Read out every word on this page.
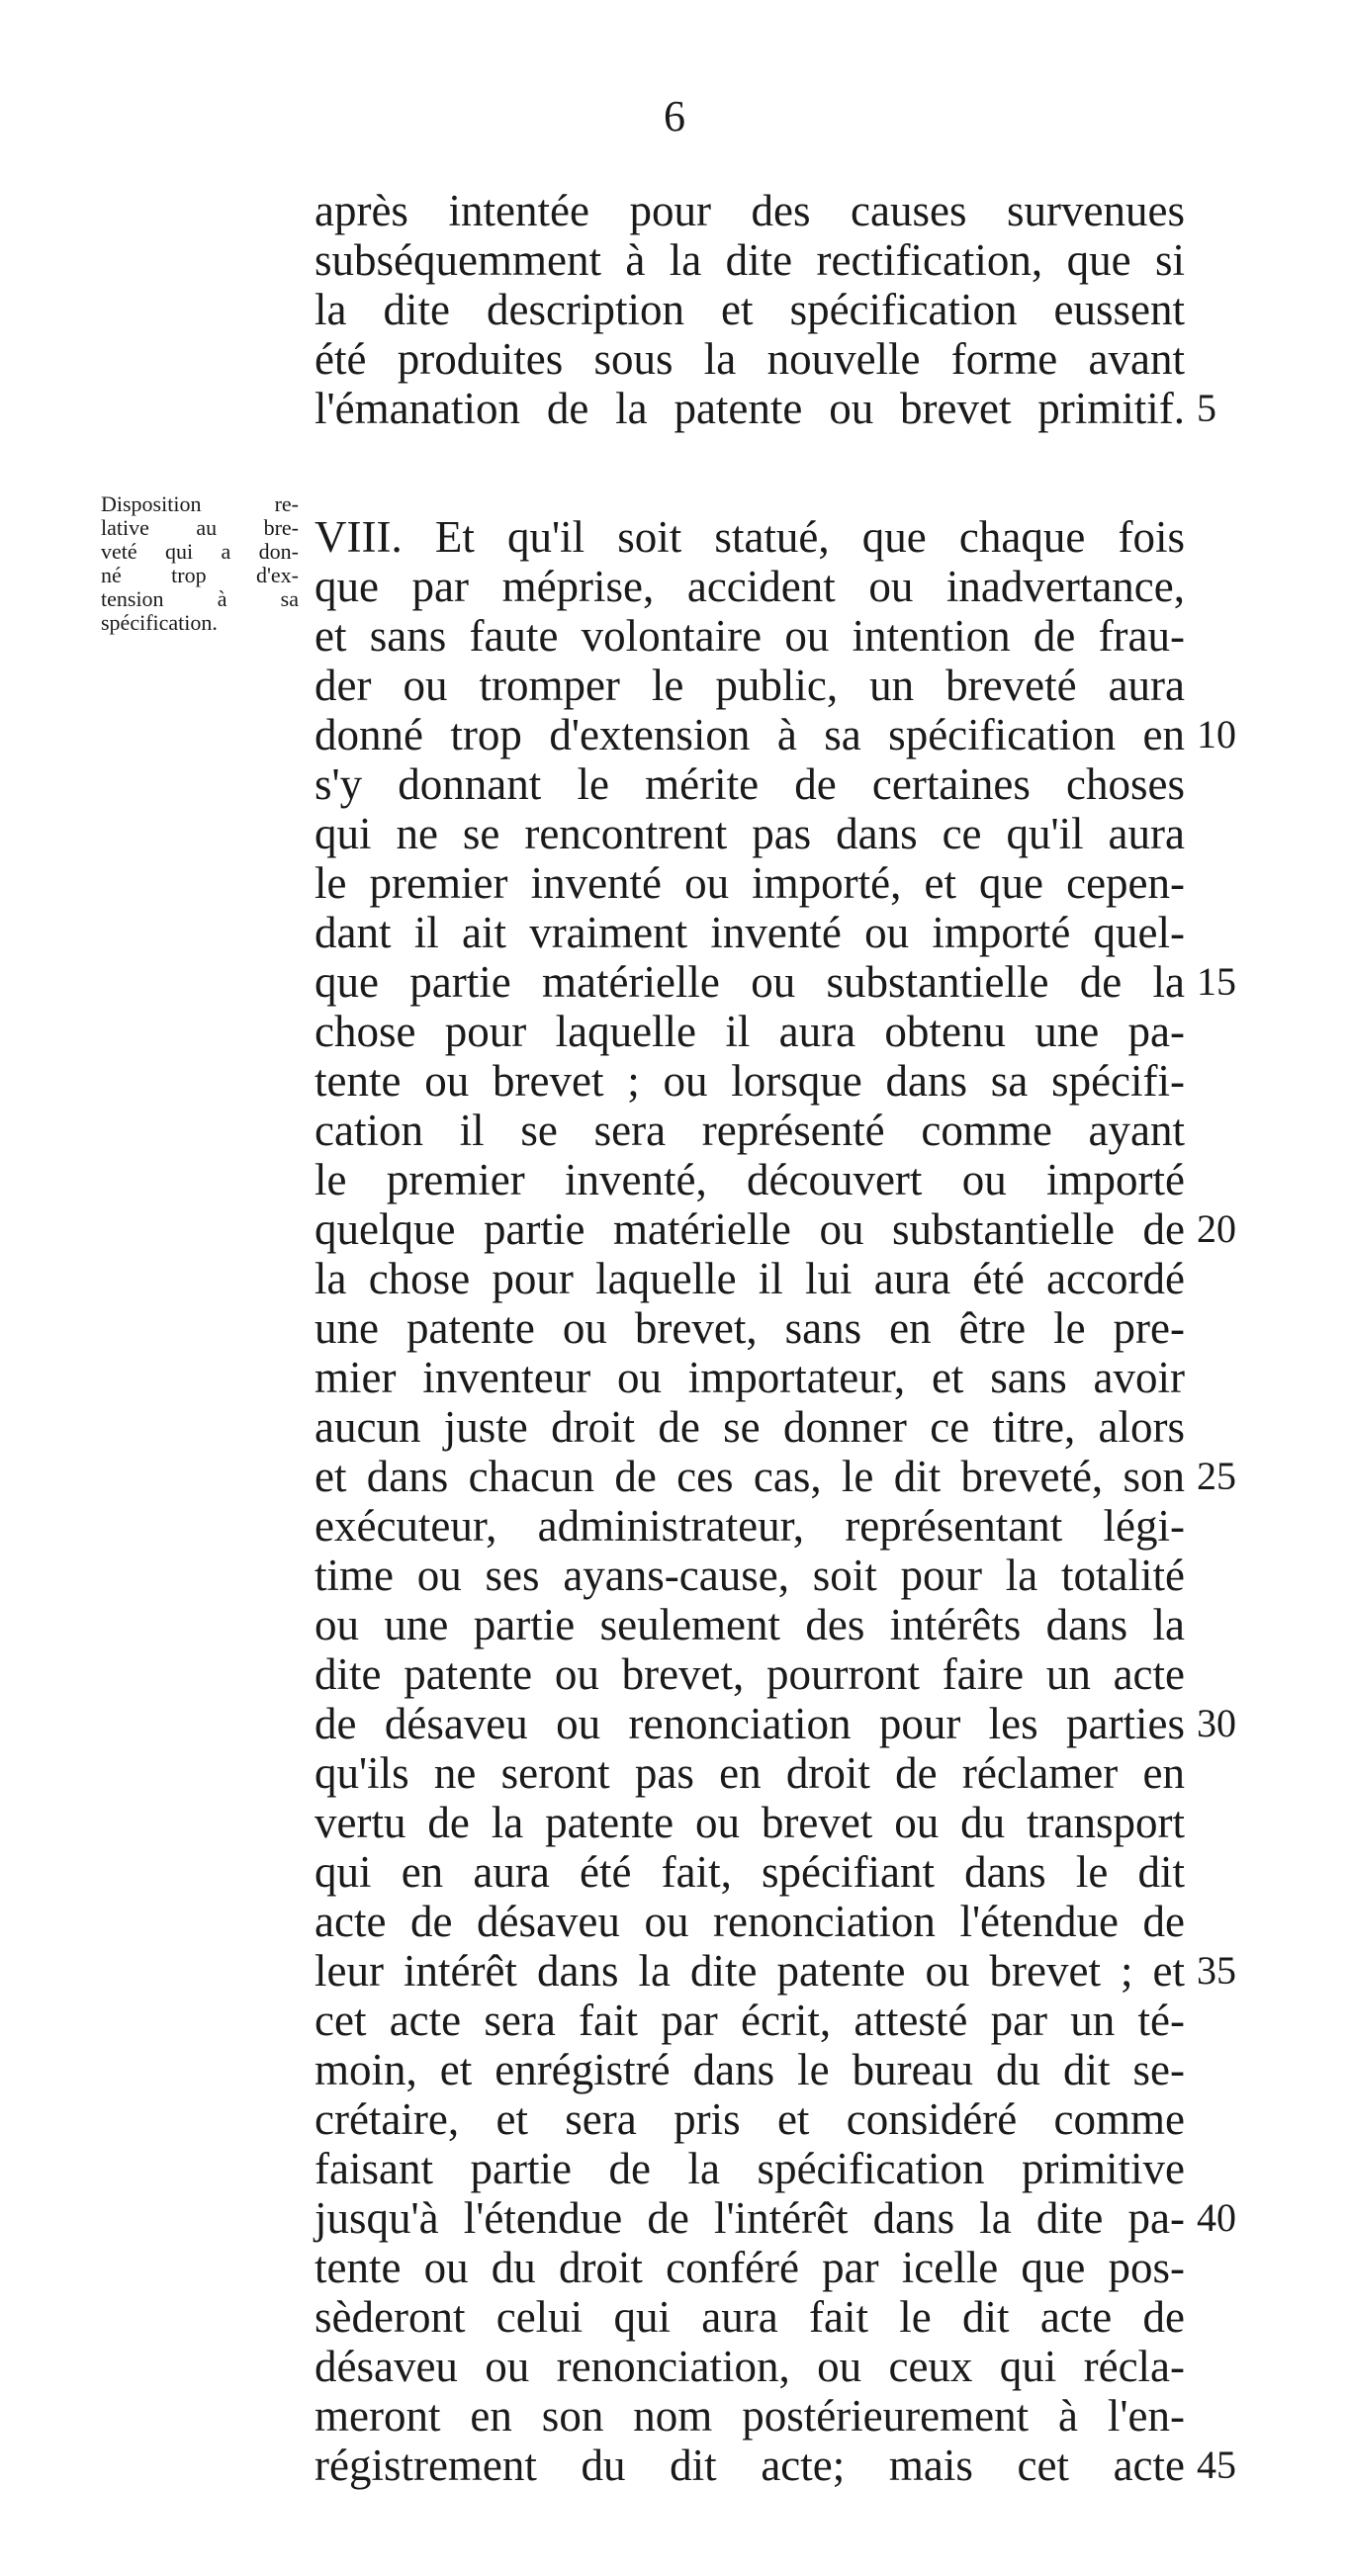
6
Disposition re-
lative au bre-
veté qui a don-
né trop d'ex-
tension à sa
spécification.
après intentée pour des causes survenues
subséquemment à la dite rectification, que si
la dite description et spécification eussent
été produites sous la nouvelle forme avant
l'émanation de la patente ou brevet primitif.
VIII. Et qu'il soit statué, que chaque fois
que par méprise, accident ou inadvertance,
et sans faute volontaire ou intention de frau-
der ou tromper le public, un breveté aura
donné trop d'extension à sa spécification en
s'y donnant le mérite de certaines choses
qui ne se rencontrent pas dans ce qu'il aura
le premier inventé ou importé, et que cepen-
dant il ait vraiment inventé ou importé quel-
que partie matérielle ou substantielle de la
chose pour laquelle il aura obtenu une pa-
tente ou brevet ; ou lorsque dans sa spécifi-
cation il se sera représenté comme ayant
le premier inventé, découvert ou importé
quelque partie matérielle ou substantielle de
la chose pour laquelle il lui aura été accordé
une patente ou brevet, sans en être le pre-
mier inventeur ou importateur, et sans avoir
aucun juste droit de se donner ce titre, alors
et dans chacun de ces cas, le dit breveté, son
exécuteur, administrateur, représentant légi-
time ou ses ayans-cause, soit pour la totalité
ou une partie seulement des intérêts dans la
dite patente ou brevet, pourront faire un acte
de désaveu ou renonciation pour les parties
qu'ils ne seront pas en droit de réclamer en
vertu de la patente ou brevet ou du transport
qui en aura été fait, spécifiant dans le dit
acte de désaveu ou renonciation l'étendue de
leur intérêt dans la dite patente ou brevet ; et
cet acte sera fait par écrit, attesté par un té-
moin, et enrégistré dans le bureau du dit se-
crétaire, et sera pris et considéré comme
faisant partie de la spécification primitive
jusqu'à l'étendue de l'intérêt dans la dite pa-
tente ou du droit conféré par icelle que pos-
sèderont celui qui aura fait le dit acte de
désaveu ou renonciation, ou ceux qui récla-
meront en son nom postérieurement à l'en-
régistrement du dit acte; mais cet acte
5
10
15
20
25
30
35
40
45
